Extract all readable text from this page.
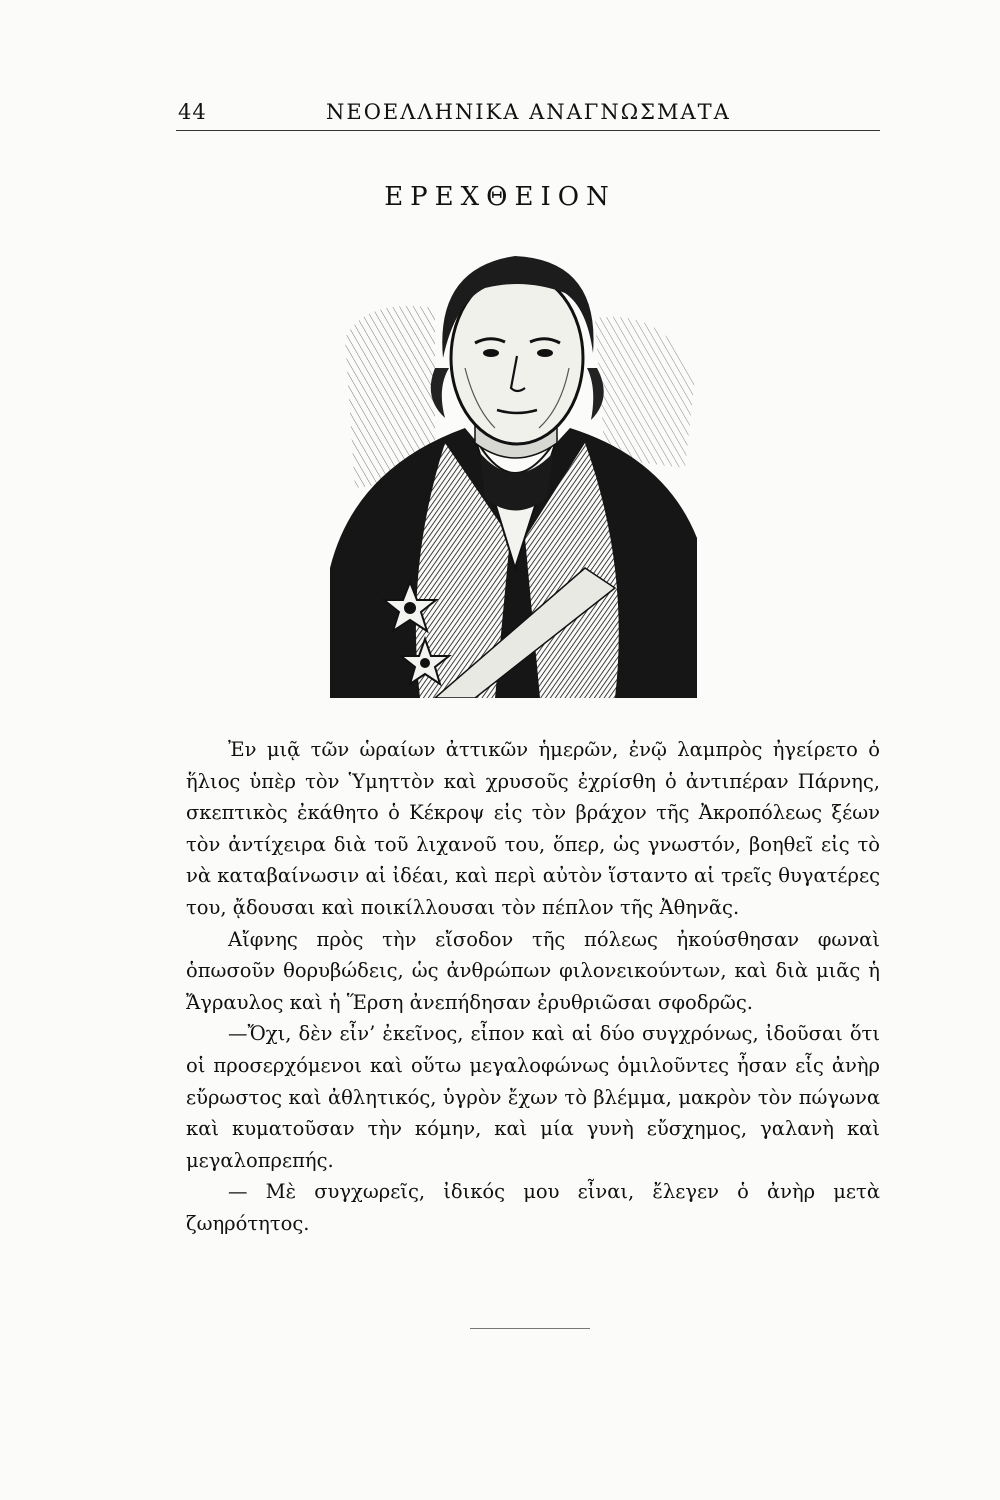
44	ΝΕΟΕΛΛΗΝΙΚΑ ΑΝΑΓΝΩΣΜΑΤΑ
ΕΡΕΧΘΕΙΟΝ

Ἐν μιᾷ τῶν ὡραίων ἀττικῶν ἡμερῶν, ἐνῷ λαμπρὸς ἠγείρετο ὁ ἥλιος ὑπὲρ τὸν Ὑμηττὸν καὶ χρυσοῦς ἐχρίσθη ὁ ἀντιπέραν Πάρνης, σκεπτικὸς ἐκάθητο ὁ Κέκροψ εἰς τὸν βράχον τῆς Ἀκροπόλεως ξέων τὸν ἀντίχειρα διὰ τοῦ λιχανοῦ του, ὅπερ, ὡς γνωστόν, βοηθεῖ εἰς τὸ νὰ καταβαίνωσιν αἱ ἰδέαι, καὶ περὶ αὐτὸν ἵσταντο αἱ τρεῖς θυγατέρες του, ᾄδουσαι καὶ ποικίλλουσαι τὸν πέπλον τῆς Ἀθηνᾶς.

Αἴφνης πρὸς τὴν εἴσοδον τῆς πόλεως ἠκούσθησαν φωναὶ ὁπωσοῦν θορυβώδεις, ὡς ἀνθρώπων φιλονεικούντων, καὶ διὰ μιᾶς ἡ Ἄγραυλος καὶ ἡ Ἕρση ἀνεπήδησαν ἐρυθριῶσαι σφοδρῶς.

—Ὄχι, δὲν εἶν’ ἐκεῖνος, εἶπον καὶ αἱ δύο συγχρόνως, ἰδοῦσαι ὅτι οἱ προσερχόμενοι καὶ οὕτω μεγαλοφώνως ὁμιλοῦντες ἦσαν εἷς ἀνὴρ εὔρωστος καὶ ἀθλητικός, ὑγρὸν ἔχων τὸ βλέμμα, μακρὸν τὸν πώγωνα καὶ κυματοῦσαν τὴν κόμην, καὶ μία γυνὴ εὔσχημος, γαλανὴ καὶ μεγαλοπρεπής.

— Μὲ συγχωρεῖς, ἰδικός μου εἶναι, ἔλεγεν ὁ ἀνὴρ μετὰ ζωηρότητος.
